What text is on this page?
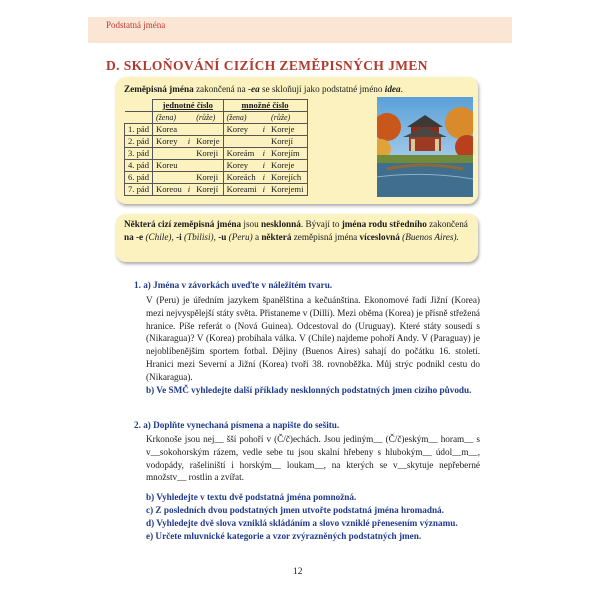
Podstatná jména
D. SKLOŇOVÁNÍ CIZÍCH ZEMĚPISNÝCH JMEN
Zeměpisná jména zakončená na -ea se skloňují jako podstatné jméno idea.
	jednotné číslo			množné číslo		
	(žena)		(růže)	(žena)		(růže)
1. pád	Korea			Korey	i	Koreje
2. pád	Korey	i	Koreje			Korejí
3. pád			Koreji	Koreám	i	Korejím
4. pád	Koreu			Korey	i	Koreje
6. pád			Koreji	Koreách	i	Korejích
7. pád	Koreou	i	Korejí	Koreami	i	Korejemi
Některá cizí zeměpisná jména jsou nesklonná. Bývají to jména rodu středního zakončená na -e (Chile), -i (Tbilisi), -u (Peru) a některá zeměpisná jména víceslovná (Buenos Aires).
1. a) Jména v závorkách uveďte v náležitém tvaru.
V (Peru) je úředním jazykem španělština a kečuánština. Ekonomové řadí Jižní (Korea) mezi nejvyspělejší státy světa. Přistaneme v (Dillí). Mezi oběma (Korea) je přísně střežená hranice. Píše referát o (Nová Guinea). Odcestoval do (Uruguay). Které státy sousedí s (Nikaragua)? V (Korea) probíhala válka. V (Chile) najdeme pohoří Andy. V (Paraguay) je nejoblíbenějším sportem fotbal. Dějiny (Buenos Aires) sahají do počátku 16. století. Hranici mezi Severní a Jižní (Korea) tvoří 38. rovnoběžka. Můj strýc podnikl cestu do (Nikaragua).
b) Ve SMČ vyhledejte další příklady nesklonných podstatných jmen cizího původu.
2. a) Doplňte vynechaná písmena a napište do sešitu.
Krkonoše jsou nej__ šší pohoří v (Č/č)echách. Jsou jediným__ (Č/č)eským__ horam__ s v__sokohorským rázem, vedle sebe tu jsou skalní hřebeny s hlubokým__ údol__m__, vodopády, rašeliniští i horským__ loukam__, na kterých se v__skytuje nepřeberné množstv__ rostlin a zvířat.
b) Vyhledejte v textu dvě podstatná jména pomnožná.
c) Z posledních dvou podstatných jmen utvořte podstatná jména hromadná.
d) Vyhledejte dvě slova vzniklá skládáním a slovo vzniklé přenesením významu.
e) Určete mluvnické kategorie a vzor zvýrazněných podstatných jmen.
12
